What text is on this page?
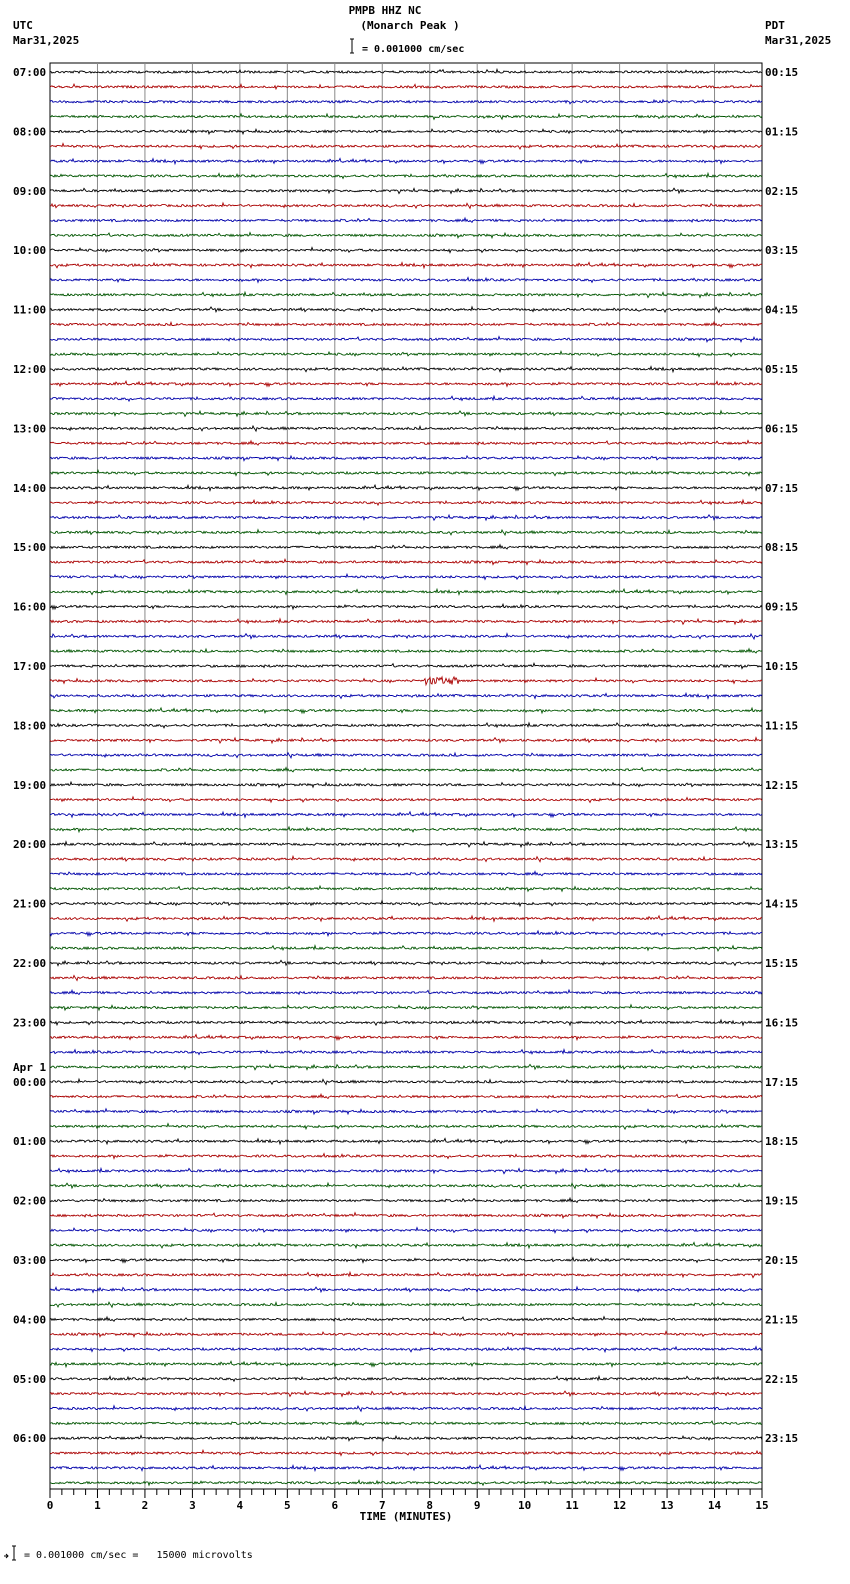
UTC
Mar31,2025
PMPB HHZ NC
(Monarch Peak )
= 0.001000 cm/sec
PDT
Mar31,2025
07:00	00:15
08:00	01:15
09:00	02:15
10:00	03:15
11:00	04:15
12:00	05:15
13:00	06:15
14:00	07:15
15:00	08:15
16:00	09:15
17:00	10:15
18:00	11:15
19:00	12:15
20:00	13:15
21:00	14:15
22:00	15:15
23:00	16:15
00:00	17:15
01:00	18:15
02:00	19:15
03:00	20:15
04:00	21:15
05:00	22:15
06:00	23:15
Apr 1
0	1	2	3	4	5	6	7	8	9	10	11	12	13	14	15
TIME (MINUTES)
= 0.001000 cm/sec =   15000 microvolts
